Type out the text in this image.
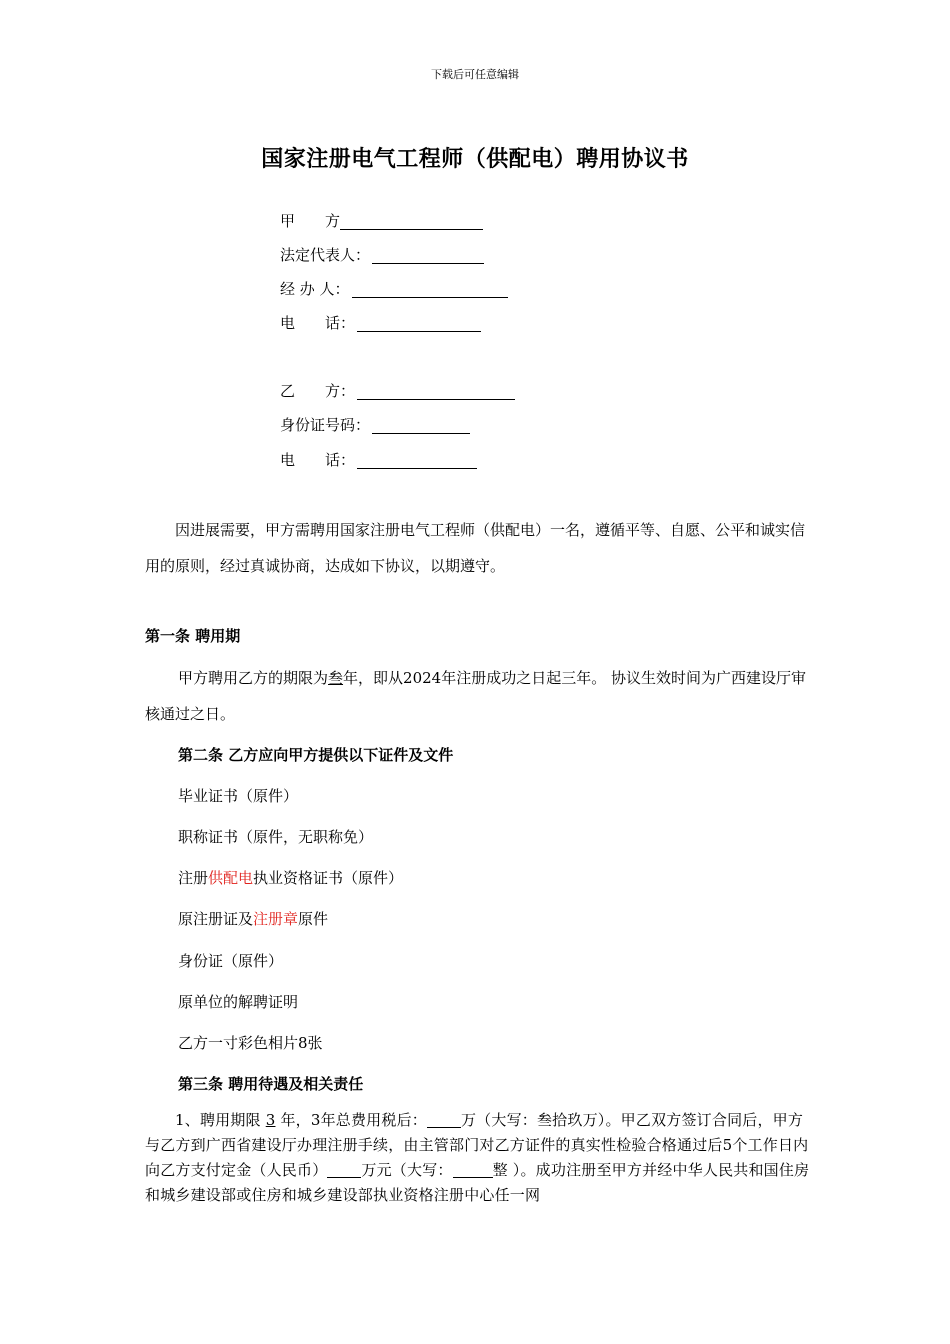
下载后可任意编辑
国家注册电气工程师（供配电）聘用协议书
甲　　方
法定代表人：
经 办 人：
电　　话：
乙　　方：
身份证号码：
电　　话：
因进展需要，甲方需聘用国家注册电气工程师（供配电）一名，遵循平等、自愿、公平和诚实信用的原则，经过真诚协商，达成如下协议，以期遵守。
第一条 聘用期
甲方聘用乙方的期限为叁年，即从2024年注册成功之日起三年。 协议生效时间为广西建设厅审核通过之日。
第二条 乙方应向甲方提供以下证件及文件
毕业证书（原件）
职称证书（原件，无职称免）
注册供配电执业资格证书（原件）
原注册证及注册章原件
身份证（原件）
原单位的解聘证明
乙方一寸彩色相片8张
第三条 聘用待遇及相关责任
1、聘用期限 3 年，3年总费用税后： 万（大写：叁拾玖万）。甲乙双方签订合同后，甲方与乙方到广西省建设厅办理注册手续，由主管部门对乙方证件的真实性检验合格通过后5个工作日内向乙方支付定金（人民币） 万元（大写：	整 ）。成功注册至甲方并经中华人民共和国住房和城乡建设部或住房和城乡建设部执业资格注册中心任一网
